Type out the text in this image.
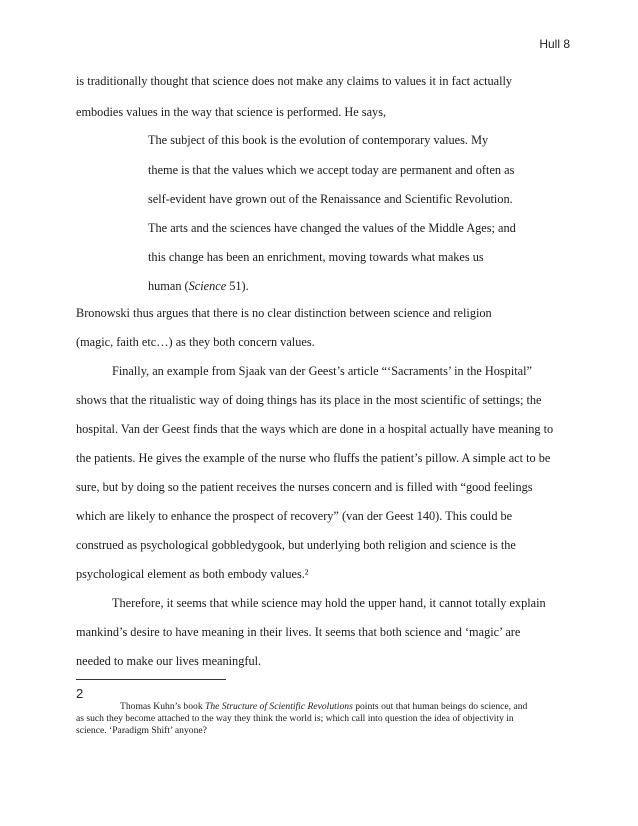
Hull 8
is traditionally thought that science does not make any claims to values it in fact actually
embodies values in the way that science is performed. He says,
The subject of this book is the evolution of contemporary values. My
theme is that the values which we accept today are permanent and often as
self-evident have grown out of the Renaissance and Scientific Revolution.
The arts and the sciences have changed the values of the Middle Ages; and
this change has been an enrichment, moving towards what makes us
human (Science 51).
Bronowski thus argues that there is no clear distinction between science and religion
(magic, faith etc…) as they both concern values.
Finally, an example from Sjaak van der Geest’s article “‘Sacraments’ in the Hospital”
shows that the ritualistic way of doing things has its place in the most scientific of settings; the
hospital. Van der Geest finds that the ways which are done in a hospital actually have meaning to
the patients. He gives the example of the nurse who fluffs the patient’s pillow. A simple act to be
sure, but by doing so the patient receives the nurses concern and is filled with “good feelings
which are likely to enhance the prospect of recovery” (van der Geest 140). This could be
construed as psychological gobbledygook, but underlying both religion and science is the
psychological element as both embody values.²
Therefore, it seems that while science may hold the upper hand, it cannot totally explain
mankind’s desire to have meaning in their lives. It seems that both science and ‘magic’ are
needed to make our lives meaningful.
2
Thomas Kuhn’s book The Structure of Scientific Revolutions points out that human beings do science, and
as such they become attached to the way they think the world is; which call into question the idea of objectivity in
science. ‘Paradigm Shift’ anyone?
